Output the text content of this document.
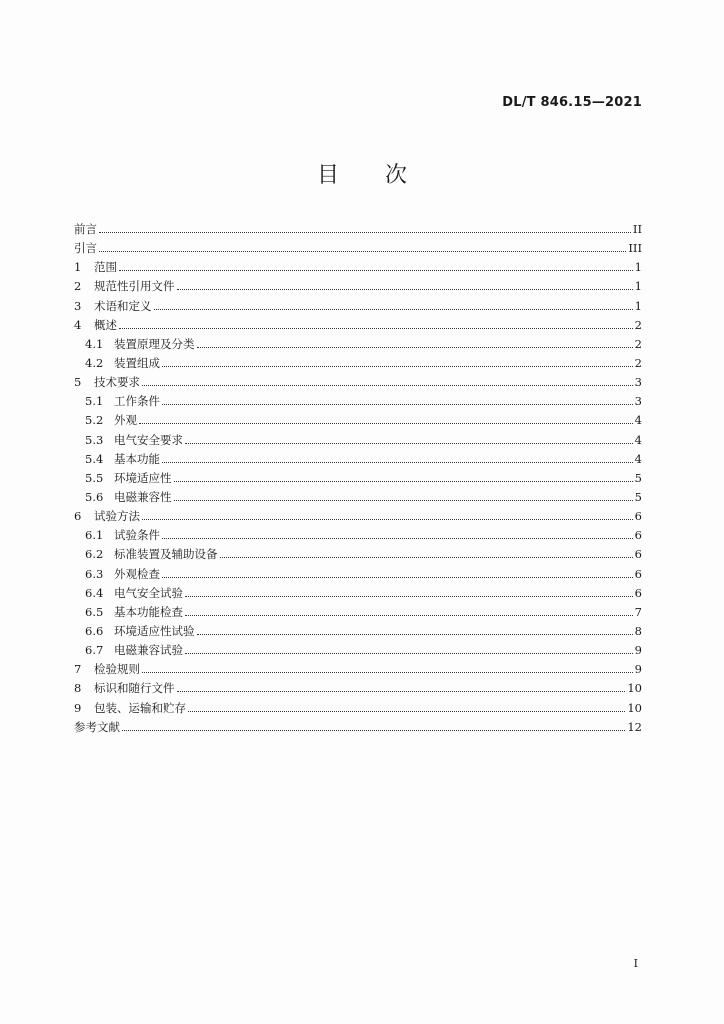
DL/T 846.15—2021
目 次
前言	II
引言	III
1	范围	1
2	规范性引用文件	1
3	术语和定义	1
4	概述	2
4.1 装置原理及分类	2
4.2 装置组成	2
5	技术要求	3
5.1 工作条件	3
5.2 外观	4
5.3 电气安全要求	4
5.4 基本功能	4
5.5 环境适应性	5
5.6 电磁兼容性	5
6	试验方法	6
6.1 试验条件	6
6.2 标准装置及辅助设备	6
6.3 外观检查	6
6.4 电气安全试验	6
6.5 基本功能检查	7
6.6 环境适应性试验	8
6.7 电磁兼容试验	9
7	检验规则	9
8	标识和随行文件	10
9	包装、运输和贮存	10
参考文献	12
I
